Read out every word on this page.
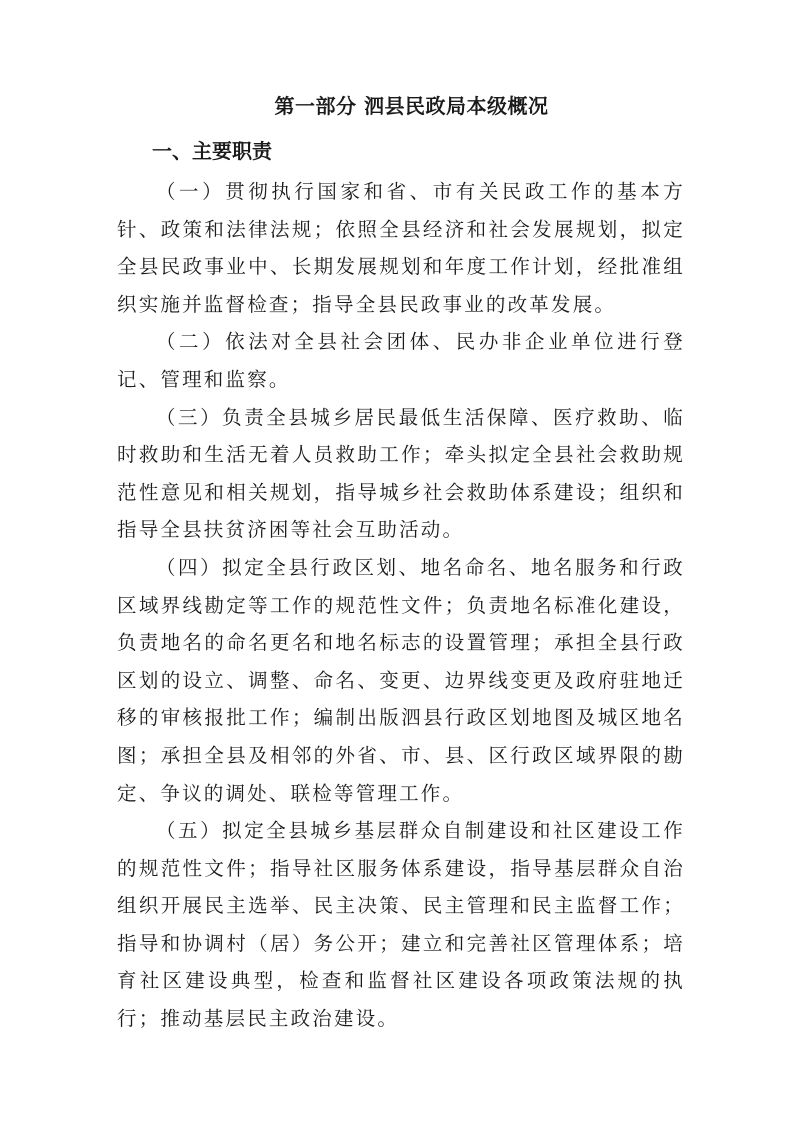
第一部分 泗县民政局本级概况
一、主要职责

（一）贯彻执行国家和省、市有关民政工作的基本方针、政策和法律法规；依照全县经济和社会发展规划，拟定全县民政事业中、长期发展规划和年度工作计划，经批准组织实施并监督检查；指导全县民政事业的改革发展。

（二）依法对全县社会团体、民办非企业单位进行登记、管理和监察。

（三）负责全县城乡居民最低生活保障、医疗救助、临时救助和生活无着人员救助工作；牵头拟定全县社会救助规范性意见和相关规划，指导城乡社会救助体系建设；组织和指导全县扶贫济困等社会互助活动。

（四）拟定全县行政区划、地名命名、地名服务和行政区域界线勘定等工作的规范性文件；负责地名标准化建设，负责地名的命名更名和地名标志的设置管理；承担全县行政区划的设立、调整、命名、变更、边界线变更及政府驻地迁移的审核报批工作；编制出版泗县行政区划地图及城区地名图；承担全县及相邻的外省、市、县、区行政区域界限的勘定、争议的调处、联检等管理工作。

（五）拟定全县城乡基层群众自制建设和社区建设工作的规范性文件；指导社区服务体系建设，指导基层群众自治组织开展民主选举、民主决策、民主管理和民主监督工作；指导和协调村（居）务公开；建立和完善社区管理体系；培育社区建设典型，检查和监督社区建设各项政策法规的执行；推动基层民主政治建设。
